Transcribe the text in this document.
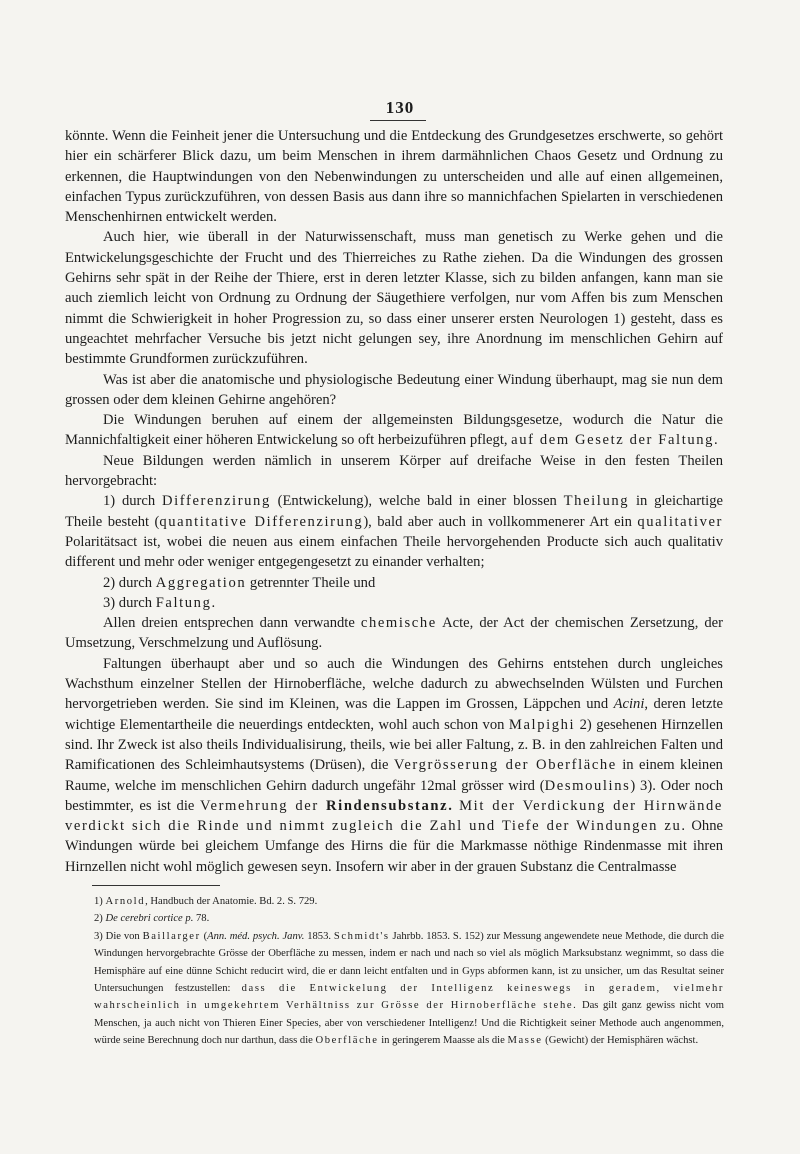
130

könnte. Wenn die Feinheit jener die Untersuchung und die Entdeckung des Grundgesetzes erschwerte, so gehört hier ein schärferer Blick dazu, um beim Menschen in ihrem darmähnlichen Chaos Gesetz und Ordnung zu erkennen, die Hauptwindungen von den Nebenwindungen zu unterscheiden und alle auf einen allgemeinen, einfachen Typus zurückzuführen, von dessen Basis aus dann ihre so mannichfachen Spielarten in verschiedenen Menschenhirnen entwickelt werden.

Auch hier, wie überall in der Naturwissenschaft, muss man genetisch zu Werke gehen und die Entwickelungsgeschichte der Frucht und des Thierreiches zu Rathe ziehen. Da die Windungen des grossen Gehirns sehr spät in der Reihe der Thiere, erst in deren letzter Klasse, sich zu bilden anfangen, kann man sie auch ziemlich leicht von Ordnung zu Ordnung der Säugethiere verfolgen, nur vom Affen bis zum Menschen nimmt die Schwierigkeit in hoher Progression zu, so dass einer unserer ersten Neurologen 1) gesteht, dass es ungeachtet mehrfacher Versuche bis jetzt nicht gelungen sey, ihre Anordnung im menschlichen Gehirn auf bestimmte Grundformen zurückzuführen.

Was ist aber die anatomische und physiologische Bedeutung einer Windung überhaupt, mag sie nun dem grossen oder dem kleinen Gehirne angehören?

Die Windungen beruhen auf einem der allgemeinsten Bildungsgesetze, wodurch die Natur die Mannichfaltigkeit einer höheren Entwickelung so oft herbeizuführen pflegt, auf dem Gesetz der Faltung.

Neue Bildungen werden nämlich in unserem Körper auf dreifache Weise in den festen Theilen hervorgebracht:

1) durch Differenzirung (Entwickelung), welche bald in einer blossen Theilung in gleichartige Theile besteht (quantitative Differenzirung), bald aber auch in vollkommenerer Art ein qualitativer Polaritätsact ist, wobei die neuen aus einem einfachen Theile hervorgehenden Producte sich auch qualitativ different und mehr oder weniger entgegengesetzt zu einander verhalten;

2) durch Aggregation getrennter Theile und

3) durch Faltung.

Allen dreien entsprechen dann verwandte chemische Acte, der Act der chemischen Zersetzung, der Umsetzung, Verschmelzung und Auflösung.

Faltungen überhaupt aber und so auch die Windungen des Gehirns entstehen durch ungleiches Wachsthum einzelner Stellen der Hirnoberfläche, welche dadurch zu abwechselnden Wülsten und Furchen hervorgetrieben werden. Sie sind im Kleinen, was die Lappen im Grossen, Läppchen und Acini, deren letzte wichtige Elementartheile die neuerdings entdeckten, wohl auch schon von Malpighi 2) gesehenen Hirnzellen sind. Ihr Zweck ist also theils Individualisirung, theils, wie bei aller Faltung, z. B. in den zahlreichen Falten und Ramificationen des Schleimhautsystems (Drüsen), die Vergrösserung der Oberfläche in einem kleinen Raume, welche im menschlichen Gehirn dadurch ungefähr 12mal grösser wird (Desmoulins) 3). Oder noch bestimmter, es ist die Vermehrung der Rindensubstanz. Mit der Verdickung der Hirnwände verdickt sich die Rinde und nimmt zugleich die Zahl und Tiefe der Windungen zu. Ohne Windungen würde bei gleichem Umfange des Hirns die für die Markmasse nöthige Rindenmasse mit ihren Hirnzellen nicht wohl möglich gewesen seyn. Insofern wir aber in der grauen Substanz die Centralmasse

1) Arnold, Handbuch der Anatomie. Bd. 2. S. 729.

2) De cerebri cortice p. 78.

3) Die von Baillarger (Ann. méd. psych. Janv. 1853. Schmidt's Jahrbb. 1853. S. 152) zur Messung angewendete neue Methode, die durch die Windungen hervorgebrachte Grösse der Oberfläche zu messen, indem er nach und nach so viel als möglich Marksubstanz wegnimmt, so dass die Hemisphäre auf eine dünne Schicht reducirt wird, die er dann leicht entfalten und in Gyps abformen kann, ist zu unsicher, um das Resultat seiner Untersuchungen festzustellen: dass die Entwickelung der Intelligenz keineswegs in geradem, vielmehr wahrscheinlich in umgekehrtem Verhältniss zur Grösse der Hirnoberfläche stehe. Das gilt ganz gewiss nicht vom Menschen, ja auch nicht von Thieren Einer Species, aber von verschiedener Intelligenz! Und die Richtigkeit seiner Methode auch angenommen, würde seine Berechnung doch nur darthun, dass die Oberfläche in geringerem Maasse als die Masse (Gewicht) der Hemisphären wächst.
